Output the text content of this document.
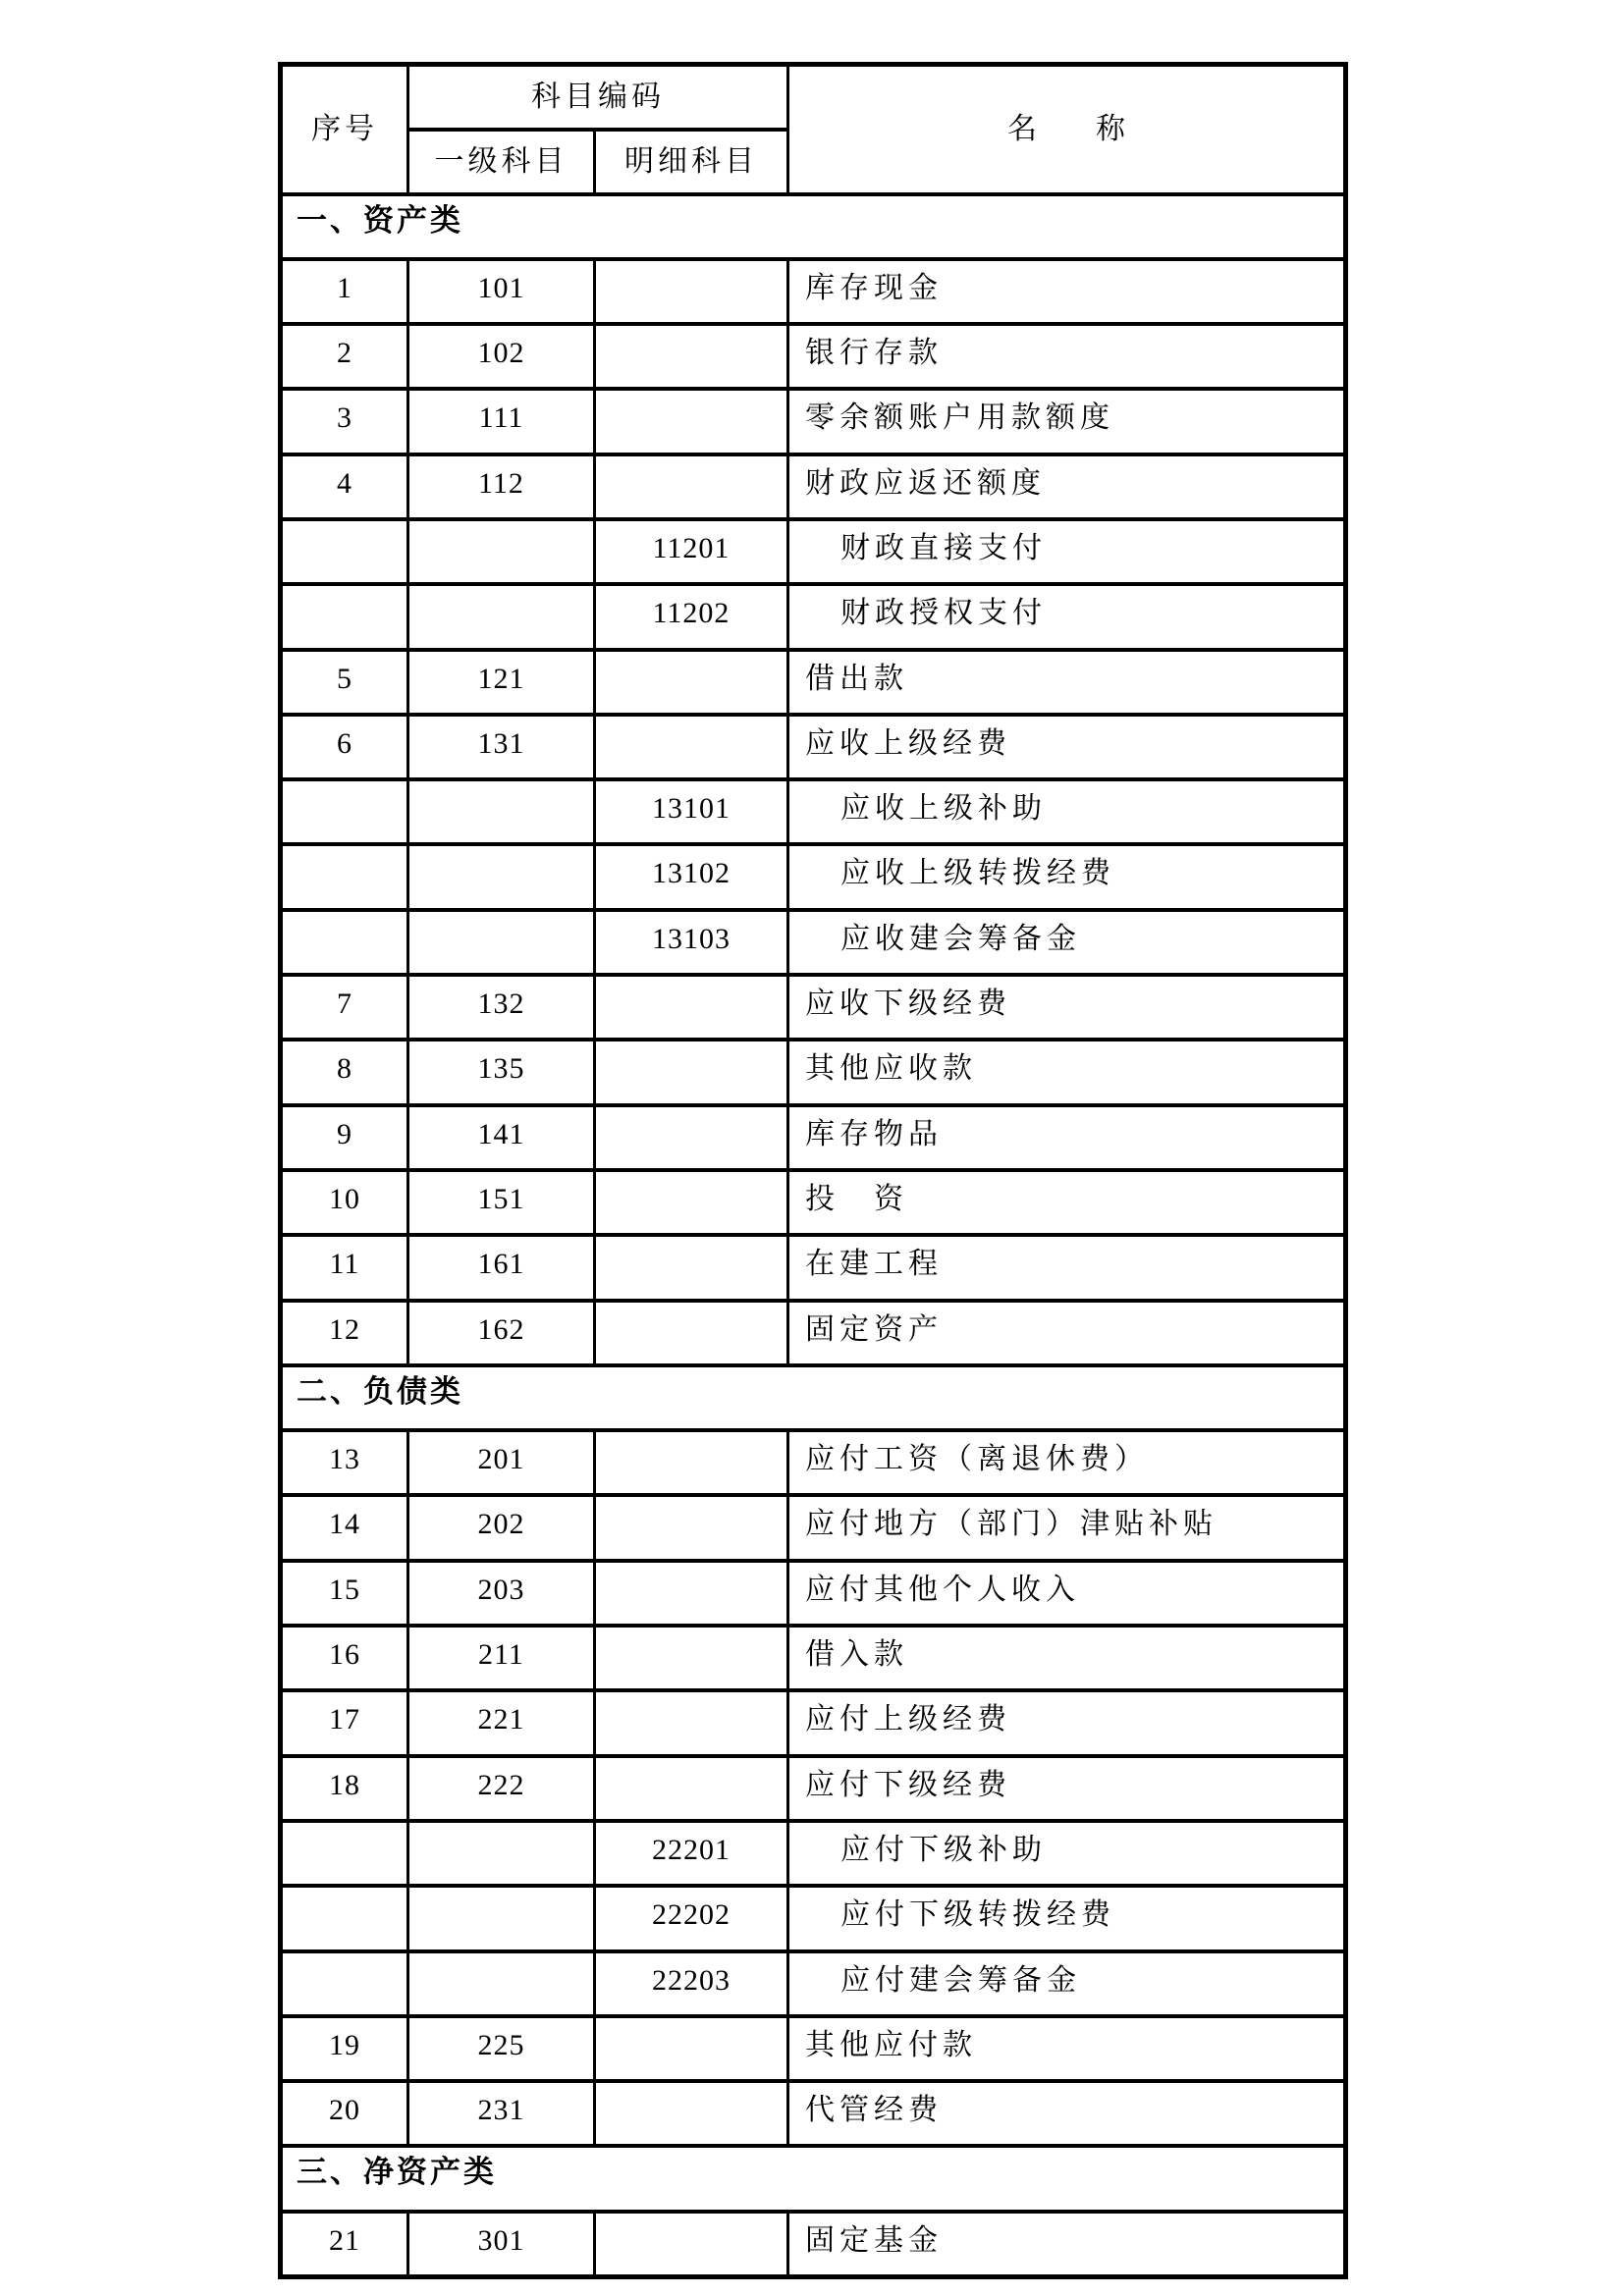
序号	科目编码		名　　称
	一级科目	明细科目	
一、资产类			
1	101		库存现金
2	102		银行存款
3	111		零余额账户用款额度
4	112		财政应返还额度
		11201	财政直接支付
		11202	财政授权支付
5	121		借出款
6	131		应收上级经费
		13101	应收上级补助
		13102	应收上级转拨经费
		13103	应收建会筹备金
7	132		应收下级经费
8	135		其他应收款
9	141		库存物品
10	151		投　资
11	161		在建工程
12	162		固定资产
二、负债类			
13	201		应付工资（离退休费）
14	202		应付地方（部门）津贴补贴
15	203		应付其他个人收入
16	211		借入款
17	221		应付上级经费
18	222		应付下级经费
		22201	应付下级补助
		22202	应付下级转拨经费
		22203	应付建会筹备金
19	225		其他应付款
20	231		代管经费
三、净资产类			
21	301		固定基金
